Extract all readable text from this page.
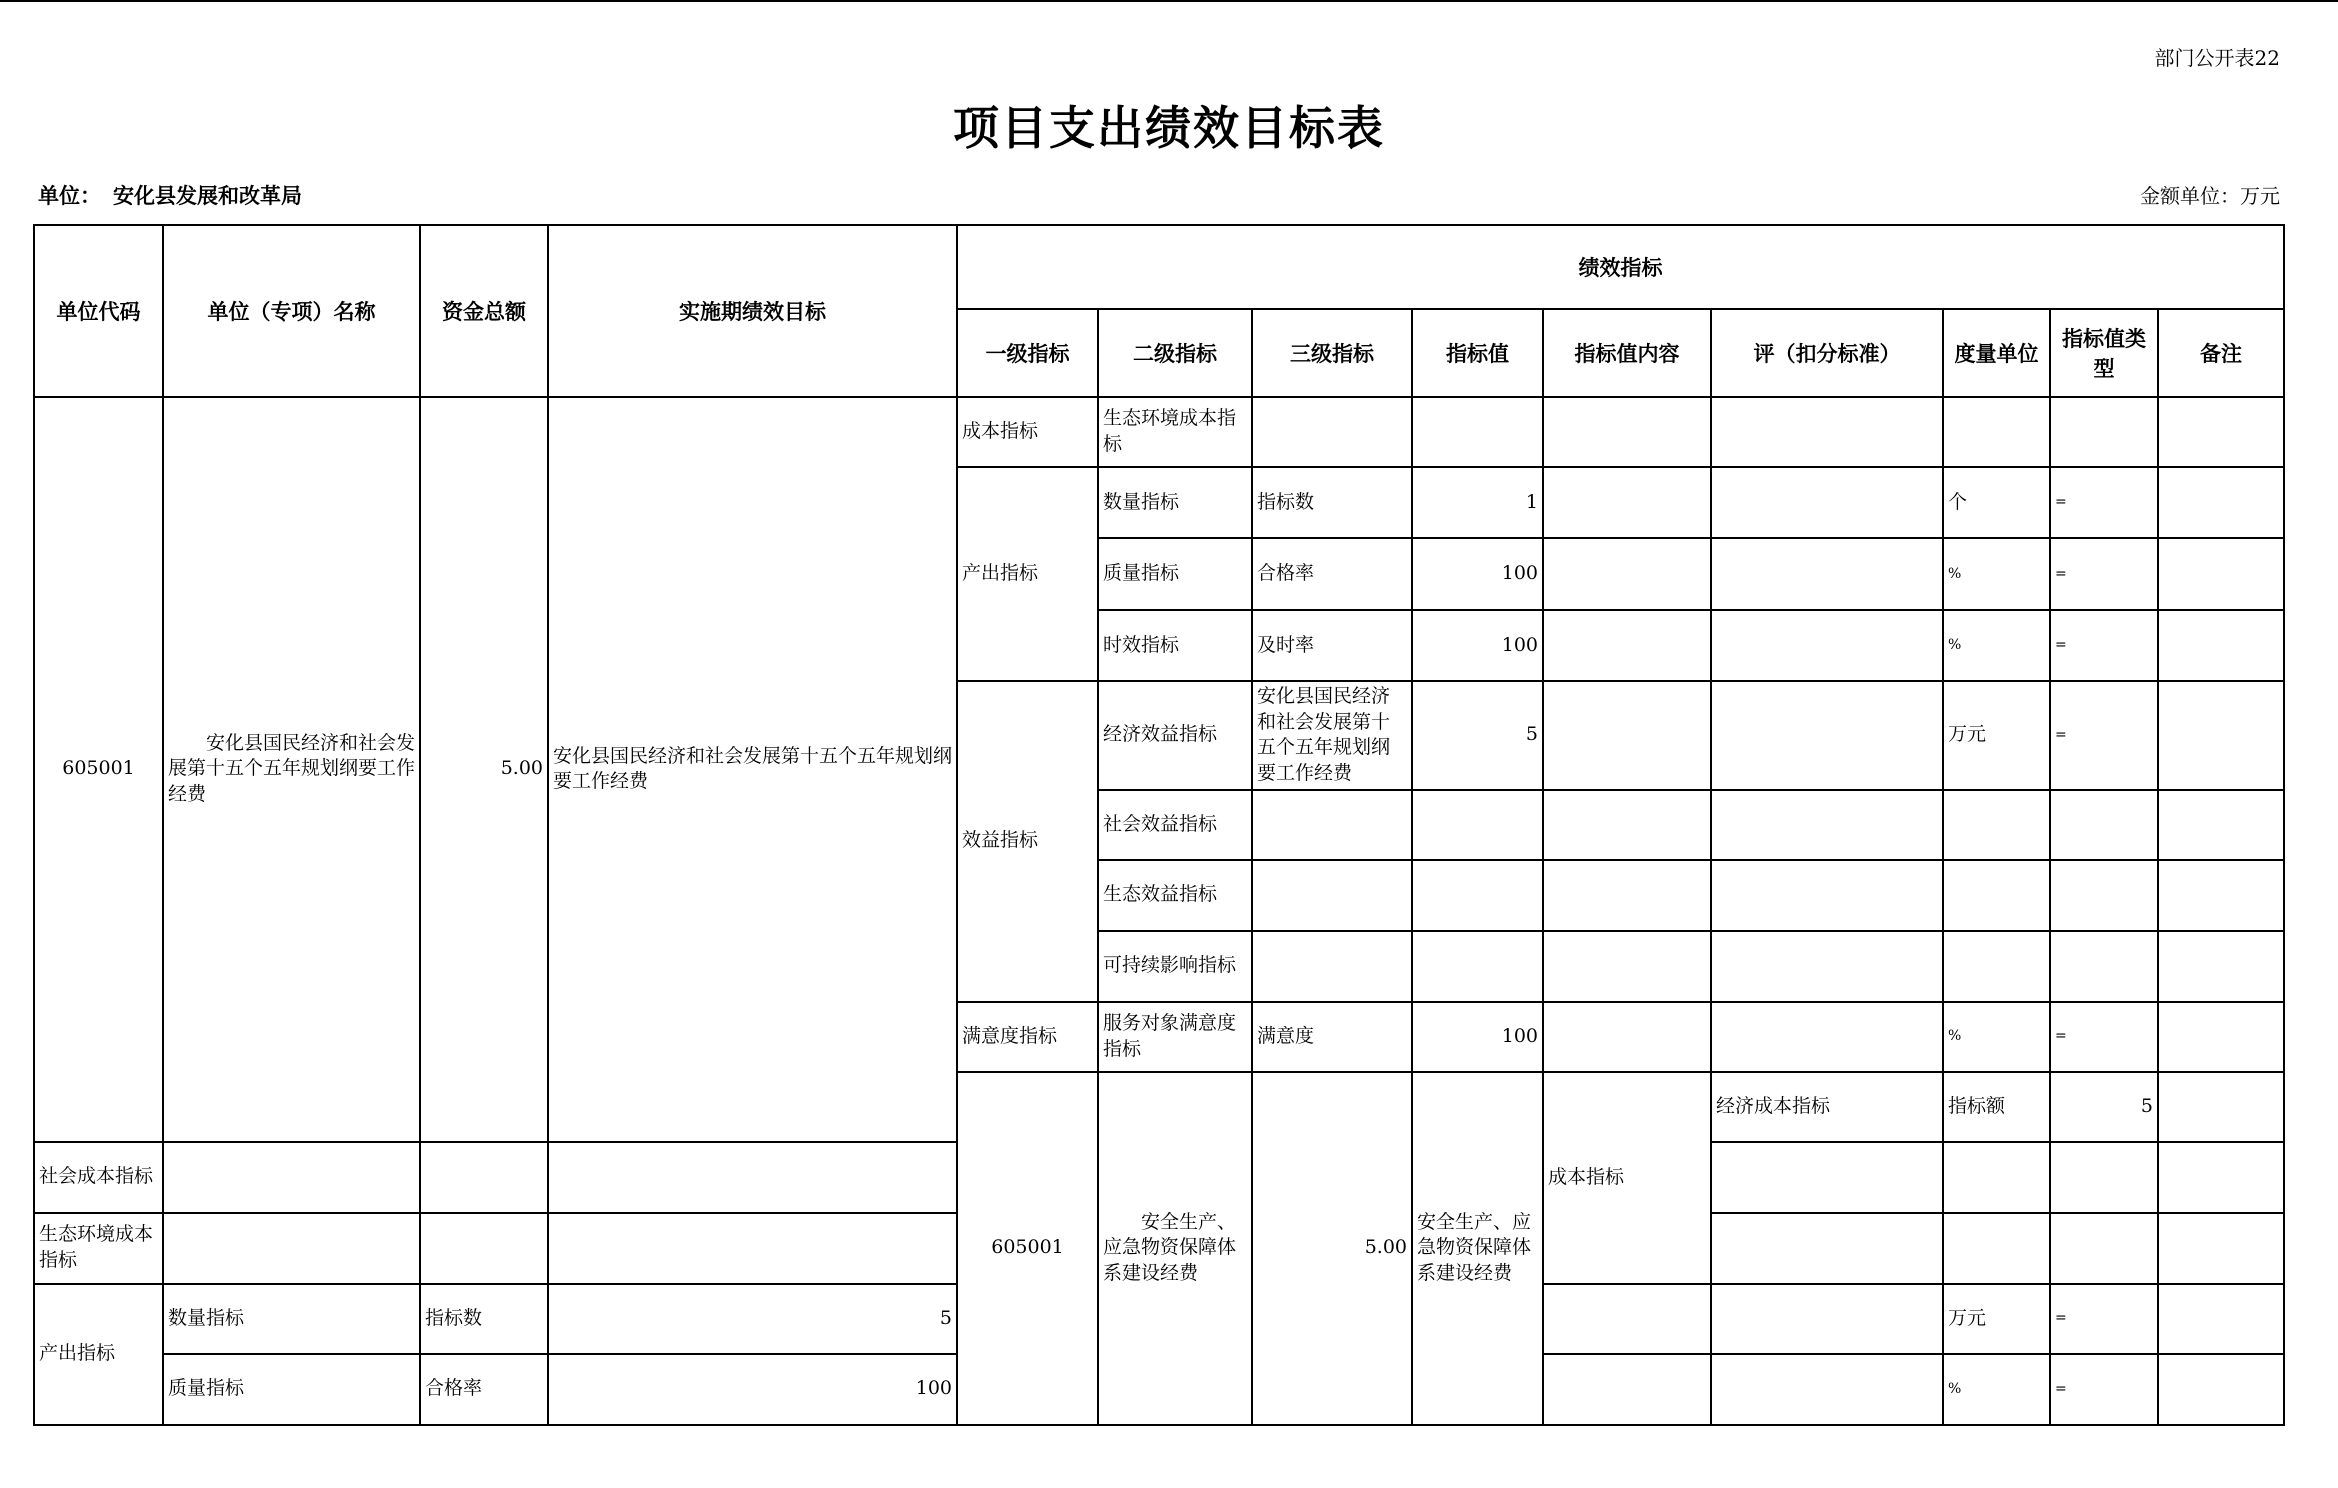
部门公开表22
项目支出绩效目标表
单位： 安化县发展和改革局	金额单位：万元
单位代码	单位（专项）名称	资金总额	实施期绩效目标	绩效指标									
				一级指标	二级指标	三级指标	指标值	指标值内容	评（扣分标准）	度量单位	指标值类型	备注	
605001	安化县国民经济和社会发展第十五个五年规划纲要工作经费	5.00	安化县国民经济和社会发展第十五个五年规划纲要工作经费	成本指标	生态环境成本指标								
				产出指标	数量指标	指标数	1			个	=		
					质量指标	合格率	100			%	=		
					时效指标	及时率	100			%	=		
				效益指标	经济效益指标	安化县国民经济和社会发展第十五个五年规划纲要工作经费	5			万元	=		
					社会效益指标								
					生态效益指标								
					可持续影响指标								
				满意度指标	服务对象满意度指标	满意度	100			%	=		
				605001	安全生产、应急物资保障体系建设经费	5.00	安全生产、应急物资保障体系建设经费	成本指标	经济成本指标	指标额	5					
社会成本指标													
生态环境成本指标													
产出指标	数量指标	指标数	5							万元	=		
	质量指标	合格率	100							%	=		
